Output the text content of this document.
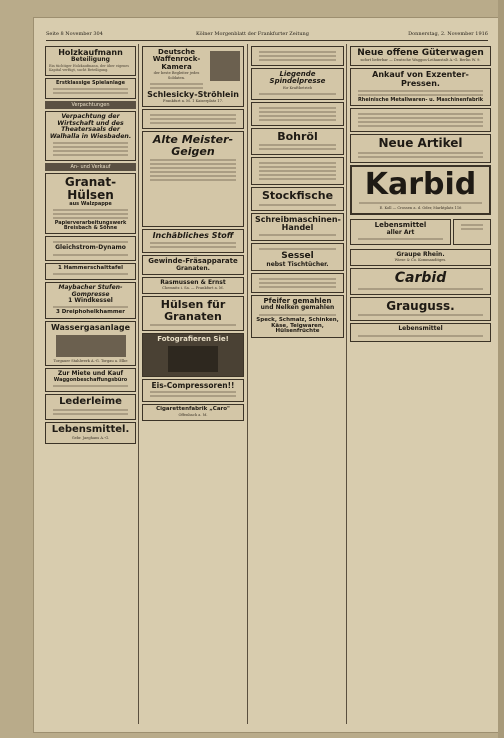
Seite 8 November 304	Kölner Morgenblatt der Frankfurter Zeitung	Donnerstag, 2. November 1916
Holzkaufmann
Beteiligung
Ein tüchtiger Holzkaufmann, der über eigenes Kapital verfügt, sucht Beteiligung.
Erstklassige Spielanlage
Verpachtungen
Verpachtung der Wirtschaft und des Theatersaals der Walhalla in Wiesbaden.
An- und Verkauf
Granat-Hülsen
aus Walzpappe
Papierverarbeitungswerk Breisbach & Söhne
Gleichstrom-Dynamo
1 Hammerschalttafel
Maybacher Stufen-Gompresse
1 Windkessel
3 Dreiphohelkhammer
Wassergasanlage
Torgauer Stahlwerk A.-G. Torgau a. Elbe
Zur Miete und Kauf
Waggonbeschaffungsbüro
Lederleime
Lebensmittel.
Gebr. Jaeghans A.-G.
Deutsche Waffenrock-Kamera
der beste Begleiter jedes Soldaten.
Schlesicky-Ströhlein
Frankfurt a. M. 1 Kaiserplatz 17.
Alte Meister-Geigen
Inchäbliches Stoff
Gewinde-Fräsapparate
Granaten.
Rasmussen & Ernst
Chemnitz i. Sa. — Frankfurt a. M.
Hülsen für Granaten
Fotografieren Sie!
Eis-Compressoren!!
Cigarettenfabrik „Caro"
Offenbach a. M.
Liegende Spindelpresse
für Kraftbetrieb
Bohröl
Stockfische
Schreibmaschinen-Handel
Sessel
nebst Tischtücher.
Pfeifer gemahlen
und Nelken gemahlen
Speck, Schmalz, Schinken, Käse, Teigwaren, Hülsenfrüchte
Neue offene Güterwagen
sofort lieferbar — Deutsche Waggon-Leihanstalt A.-G. Berlin W. 9.
Ankauf von Exzenter-Pressen.
Rheinische Metallwaren- u. Maschinenfabrik
Neue Artikel
Karbid
E. Koll — Crossen a. d. Oder, Marktplatz 116
Lebensmittel
aller Art
Graupe Rhein.
Wiese & Co. Kommanditges.
Carbid
Grauguss.
Lebensmittel
